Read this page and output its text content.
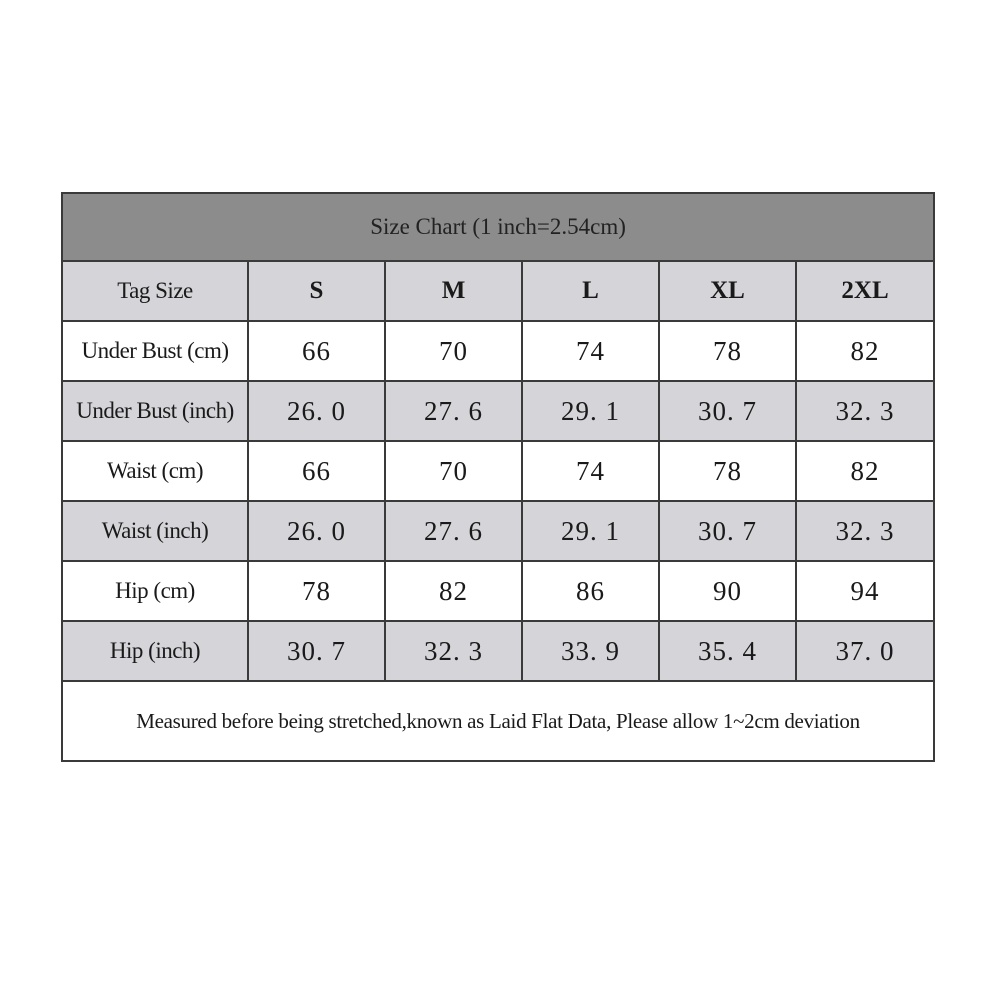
Size Chart (1 inch=2.54cm)					
Tag Size	S	M	L	XL	2XL
Under Bust (cm)	66	70	74	78	82
Under Bust (inch)	26. 0	27. 6	29. 1	30. 7	32. 3
Waist (cm)	66	70	74	78	82
Waist (inch)	26. 0	27. 6	29. 1	30. 7	32. 3
Hip (cm)	78	82	86	90	94
Hip (inch)	30. 7	32. 3	33. 9	35. 4	37. 0
Measured before being stretched,known as Laid Flat Data, Please allow 1~2cm deviation					
